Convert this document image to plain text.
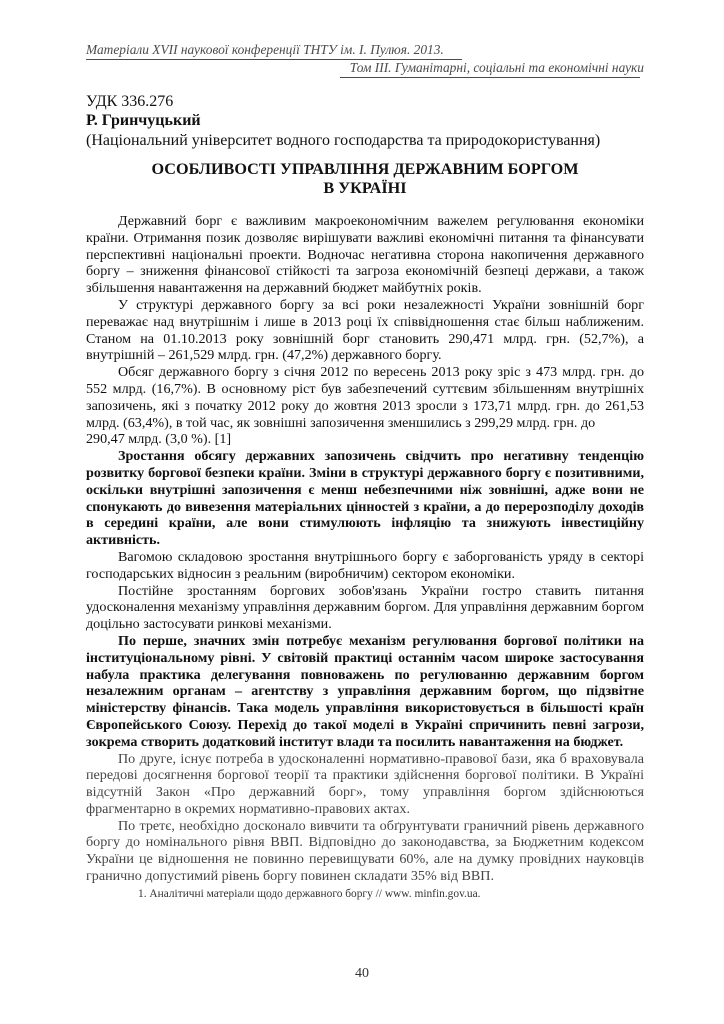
Матеріали XVII наукової конференції ТНТУ ім. І. Пулюя. 2013.
Том ІІІ. Гуманітарні, соціальні та економічні науки
УДК 336.276
Р. Гринчуцький
(Національний університет водного господарства та природокористування)
ОСОБЛИВОСТІ УПРАВЛІННЯ ДЕРЖАВНИМ БОРГОМ
В УКРАЇНІ

Державний борг є важливим макроекономічним важелем регулювання економіки країни. Отримання позик дозволяє вирішувати важливі економічні питання та фінансувати перспективні національні проекти. Водночас негативна сторона накопичення державного боргу – зниження фінансової стійкості та загроза економічній безпеці держави, а також збільшення навантаження на державний бюджет майбутніх років.

У структурі державного боргу за всі роки незалежності України зовнішній борг переважає над внутрішнім і лише в 2013 році їх співвідношення стає більш наближеним. Станом на 01.10.2013 року зовнішній борг становить 290,471 млрд. грн. (52,7%), а внутрішній – 261,529 млрд. грн. (47,2%) державного боргу.

Обсяг державного боргу з січня 2012 по вересень 2013 року зріс з 473 млрд. грн. до 552 млрд. (16,7%). В основному ріст був забезпечений суттєвим збільшенням внутрішніх запозичень, які з початку 2012 року до жовтня 2013 зросли з 173,71 млрд. грн. до 261,53 млрд. (63,4%), в той час, як зовнішні запозичення зменшились з 299,29 млрд. грн. до

290,47 млрд. (3,0 %). [1]

Зростання обсягу державних запозичень свідчить про негативну тенденцію розвитку боргової безпеки країни. Зміни в структурі державного боргу є позитивними, оскільки внутрішні запозичення є менш небезпечними ніж зовнішні, адже вони не спонукають до вивезення матеріальних цінностей з країни, а до перерозподілу доходів в середині країни, але вони стимулюють інфляцію та знижують інвестиційну активність.

Вагомою складовою зростання внутрішнього боргу є заборгованість уряду в секторі господарських відносин з реальним (виробничим) сектором економіки.

Постійне зростанням боргових зобов'язань України гостро ставить питання удосконалення механізму управління державним боргом. Для управління державним боргом доцільно застосувати ринкові механізми.

По перше, значних змін потребує механізм регулювання боргової політики на інституціональному рівні. У світовій практиці останнім часом широке застосування набула практика делегування повноважень по регулюванню державним боргом незалежним органам – агентству з управління державним боргом, що підзвітне міністерству фінансів. Така модель управління використовується в більшості країн Європейського Союзу. Перехід до такої моделі в Україні спричинить певні загрози, зокрема створить додатковий інститут влади та посилить навантаження на бюджет.

По друге, існує потреба в удосконаленні нормативно-правової бази, яка б враховувала передові досягнення боргової теорії та практики здійснення боргової політики. В Україні відсутній Закон «Про державний борг», тому управління боргом здійснюються фрагментарно в окремих нормативно-правових актах.

По третє, необхідно досконало вивчити та обґрунтувати граничний рівень державного боргу до номінального рівня ВВП. Відповідно до законодавства, за Бюджетним кодексом України це відношення не повинно перевищувати 60%, але на думку провідних науковців гранично допустимий рівень боргу повинен складати 35% від ВВП.

1. Аналітичні матеріали щодо державного боргу // www. minfin.gov.ua.

40
